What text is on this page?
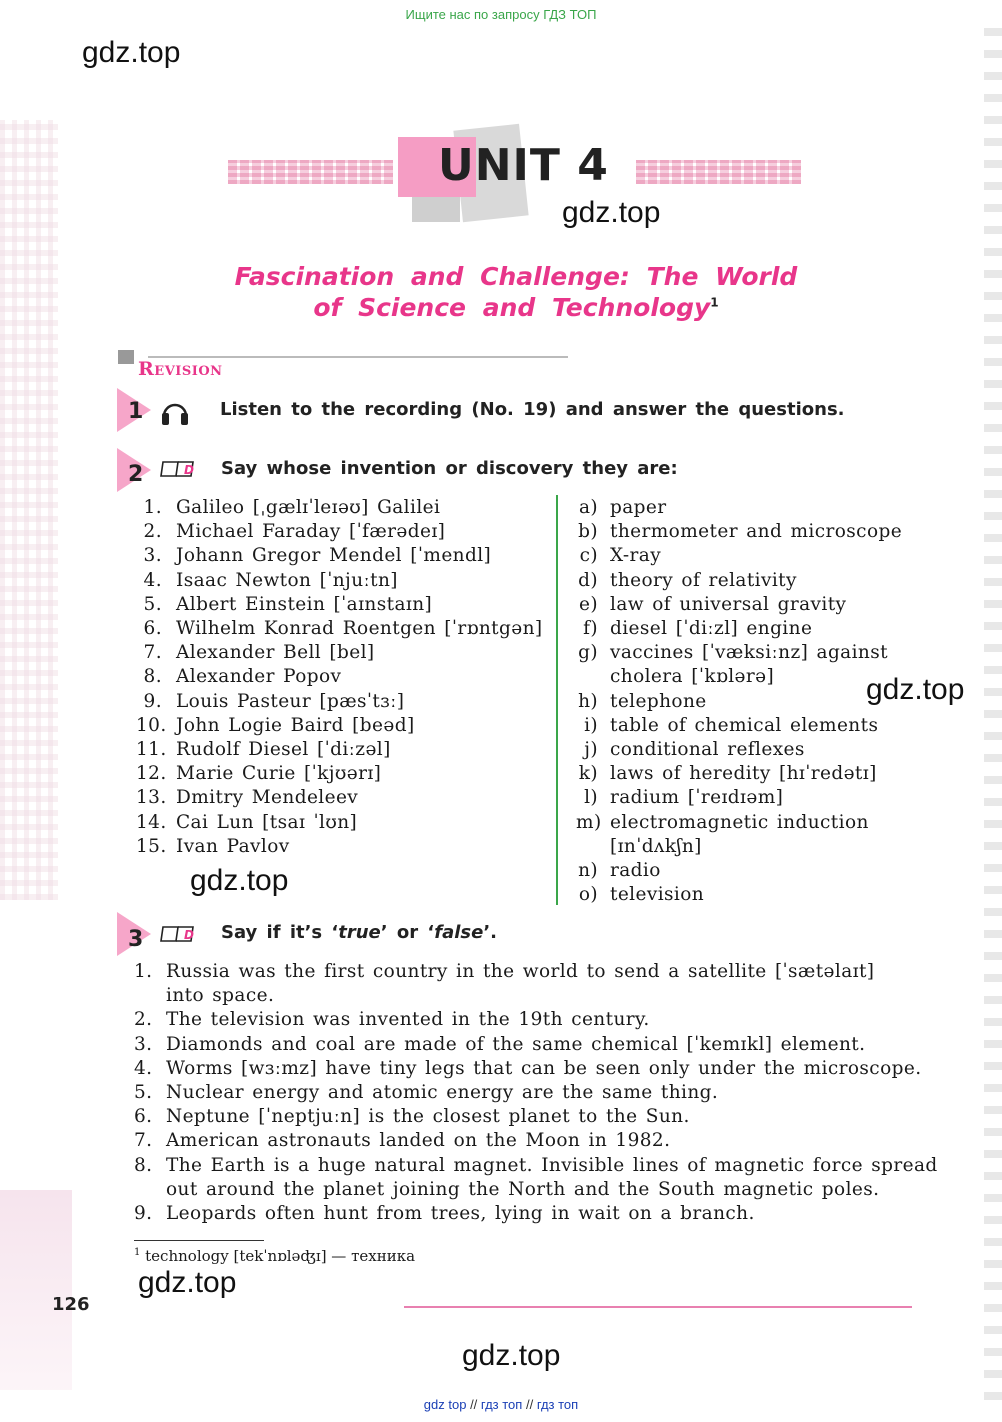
Ищите нас по запросу ГДЗ ТОП
gdz.top
UNIT 4
gdz.top
Fascination and Challenge: The World
of Science and Technology$^1$
Revision
1	Listen to the recording (No. 19) and answer the questions.
2	D Say whose invention or discovery they are:
1. Galileo [ˌgælɪˈleɪəʊ] Galilei
2. Michael Faraday [ˈfærədeɪ]
3. Johann Gregor Mendel [ˈmendl]
4. Isaac Newton [ˈnjuːtn]
5. Albert Einstein [ˈaɪnstaɪn]
6. Wilhelm Konrad Roentgen [ˈrɒntgən]
7. Alexander Bell [bel]
8. Alexander Popov
9. Louis Pasteur [pæsˈtɜː]
10. John Logie Baird [beəd]
11. Rudolf Diesel [ˈdiːzəl]
12. Marie Curie [ˈkjʊərɪ]
13. Dmitry Mendeleev
14. Cai Lun [tsaɪ ˈlʊn]
15. Ivan Pavlov
a) paper
b) thermometer and microscope
c) X-ray
d) theory of relativity
e) law of universal gravity
f) diesel [ˈdiːzl] engine
g) vaccines [ˈvæksiːnz] against
cholera [ˈkɒlərə]
h) telephone
i) table of chemical elements
j) conditional reflexes
k) laws of heredity [hɪˈredətɪ]
l) radium [ˈreɪdɪəm]
m) electromagnetic induction
[ɪnˈdʌkʃn]
n) radio
o) television
gdz.top
gdz.top
3	D Say if it’s ‘true’ or ‘false’.
1. Russia was the first country in the world to send a satellite [ˈsætəlaɪt]
into space.
2. The television was invented in the 19th century.
3. Diamonds and coal are made of the same chemical [ˈkemɪkl] element.
4. Worms [wɜːmz] have tiny legs that can be seen only under the microscope.
5. Nuclear energy and atomic energy are the same thing.
6. Neptune [ˈneptjuːn] is the closest planet to the Sun.
7. American astronauts landed on the Moon in 1982.
8. The Earth is a huge natural magnet. Invisible lines of magnetic force spread
out around the planet joining the North and the South magnetic poles.
9. Leopards often hunt from trees, lying in wait on a branch.
$^1$ technology [tekˈnɒləʤɪ] — техника
gdz.top
126
gdz.top
gdz top // гдз топ // гдз топ
